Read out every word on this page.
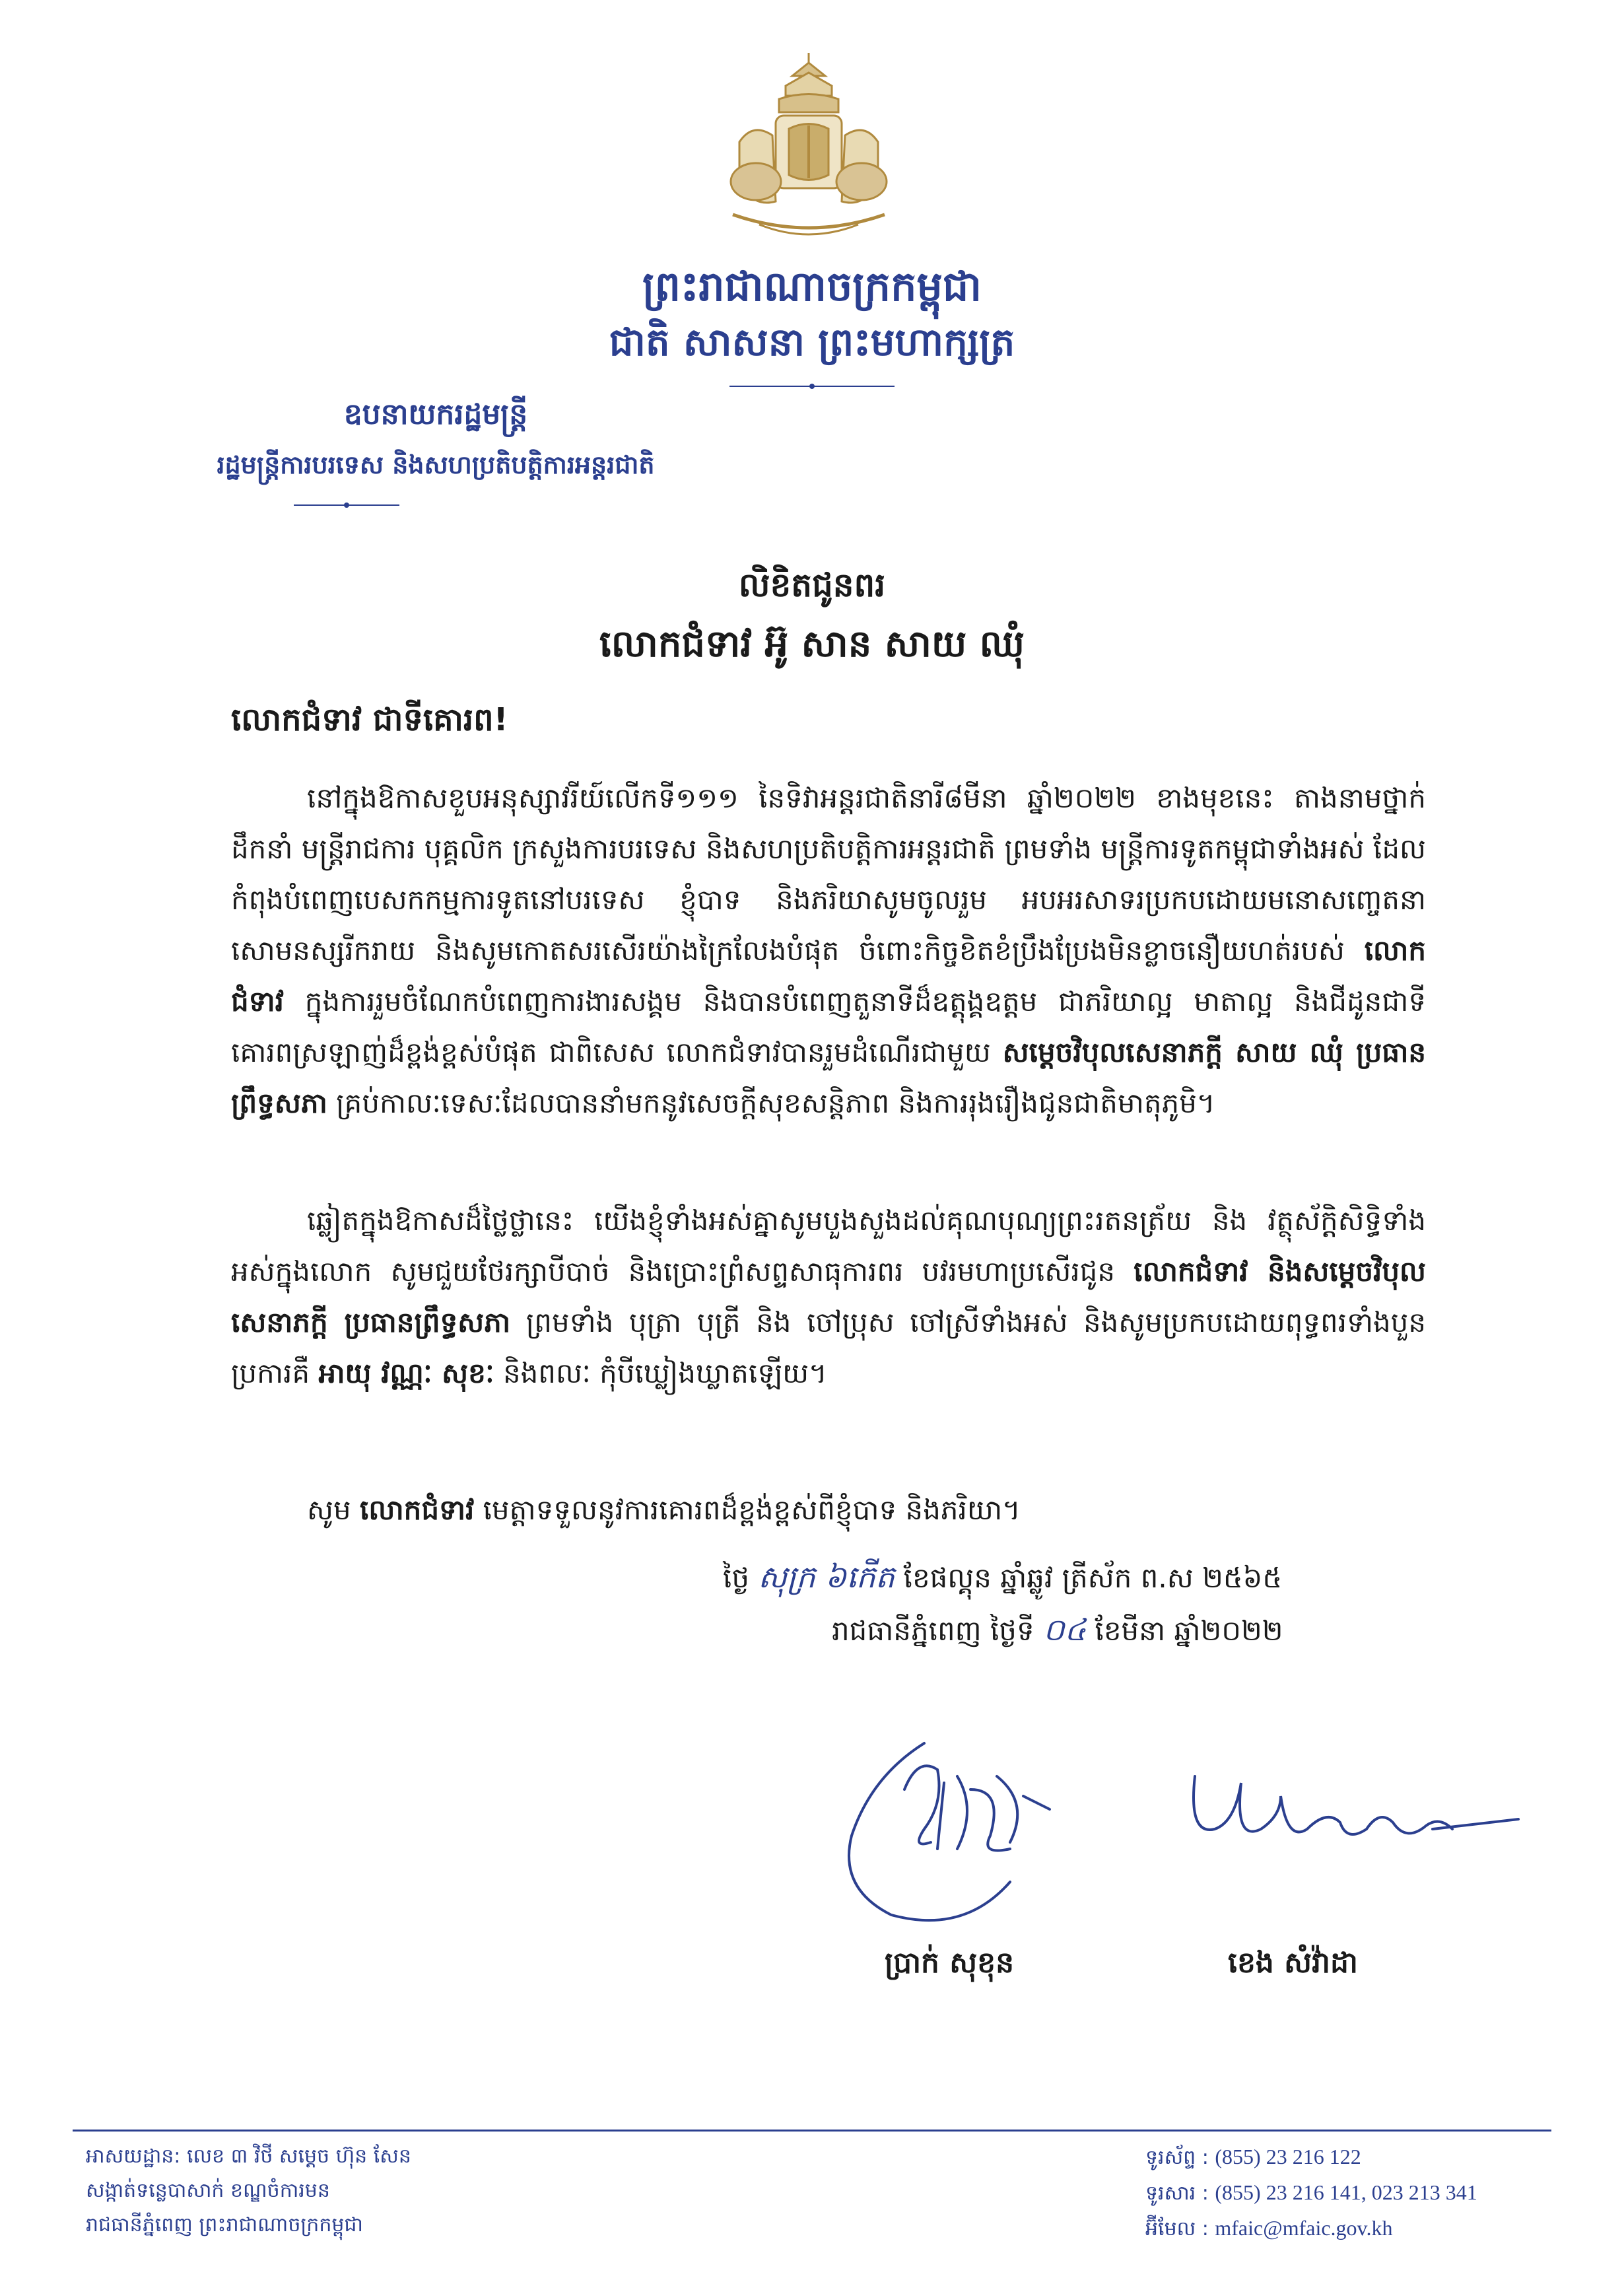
ព្រះរាជាណាចក្រកម្ពុជា
ជាតិ សាសនា ព្រះមហាក្សត្រ
ឧបនាយករដ្ឋមន្ត្រី
រដ្ឋមន្ត្រីការបរទេស និងសហប្រតិបត្តិការអន្តរជាតិ
លិខិតជូនពរ
លោកជំទាវ អ៊ូ សាន សាយ ឈុំ
លោកជំទាវ ជាទីគោរព!
នៅក្នុងឱកាសខួបអនុស្សាវរីយ៍លើកទី១១១ នៃទិវាអន្តរជាតិនារី៨មីនា ឆ្នាំ២០២២ ខាងមុខនេះ តាងនាមថ្នាក់ដឹកនាំ មន្ត្រីរាជការ បុគ្គលិក ក្រសួងការបរទេស និងសហប្រតិបត្តិការអន្តរជាតិ ព្រមទាំង មន្ត្រីការទូតកម្ពុជាទាំងអស់ ដែលកំពុងបំពេញបេសកកម្មការទូតនៅបរទេស ខ្ញុំបាទ និងភរិយាសូមចូលរួម អបអរសាទរប្រកបដោយមនោសញ្ចេតនាសោមនស្សរីករាយ និងសូមកោតសរសើរយ៉ាងក្រៃលែងបំផុត ចំពោះកិច្ចខិតខំប្រឹងប្រែងមិនខ្លាចនឿយហត់របស់ លោកជំទាវ ក្នុងការរួមចំណែកបំពេញការងារសង្គម និងបានបំពេញតួនាទីដ៏ឧត្តុង្គឧត្តម ជាភរិយាល្អ មាតាល្អ និងជីដូនជាទីគោរពស្រឡាញ់ដ៏ខ្ពង់ខ្ពស់បំផុត ជាពិសេស លោកជំទាវបានរួមដំណើរជាមួយ សម្តេចវិបុលសេនាភក្តី សាយ ឈុំ ប្រធានព្រឹទ្ធសភា គ្រប់កាលៈទេសៈដែលបាននាំមកនូវសេចក្តីសុខសន្តិភាព និងការរុងរឿងជូនជាតិមាតុភូមិ។
ឆ្លៀតក្នុងឱកាសដ៏ថ្លៃថ្លានេះ យើងខ្ញុំទាំងអស់គ្នាសូមបួងសួងដល់គុណបុណ្យព្រះរតនត្រ័យ និង វត្ថុស័ក្តិសិទ្ធិទាំងអស់ក្នុងលោក សូមជួយថែរក្សាបីបាច់ និងប្រោះព្រំសព្ទសាធុការពរ បវរមហាប្រសើរជូន លោកជំទាវ និងសម្តេចវិបុលសេនាភក្តី ប្រធានព្រឹទ្ធសភា ព្រមទាំង បុត្រា បុត្រី និង ចៅប្រុស ចៅស្រីទាំងអស់ និងសូមប្រកបដោយពុទ្ធពរទាំងបួនប្រការគឺ អាយុ វណ្ណៈ សុខៈ និងពលៈ កុំបីឃ្លៀងឃ្លាតឡើយ។
សូម លោកជំទាវ មេត្តាទទួលនូវការគោរពដ៏ខ្ពង់ខ្ពស់ពីខ្ញុំបាទ និងភរិយា។
ថ្ងៃ សុក្រ ៦កើត ខែផល្គុន ឆ្នាំឆ្លូវ ត្រីស័ក ព.ស ២៥៦៥
រាជធានីភ្នំពេញ ថ្ងៃទី ០៤ ខែមីនា ឆ្នាំ២០២២
ប្រាក់ សុខុន	ខេង សំវ៉ាដា
អាសយដ្ឋាន: លេខ ៣ វិថី សម្តេច ហ៊ុន សែន
សង្កាត់ទន្លេបាសាក់ ខណ្ឌចំការមន
រាជធានីភ្នំពេញ ព្រះរាជាណាចក្រកម្ពុជា
ទូរស័ព្ទ : (855) 23 216 122
ទូរសារ : (855) 23 216 141, 023 213 341
អ៊ីមែល : mfaic@mfaic.gov.kh
